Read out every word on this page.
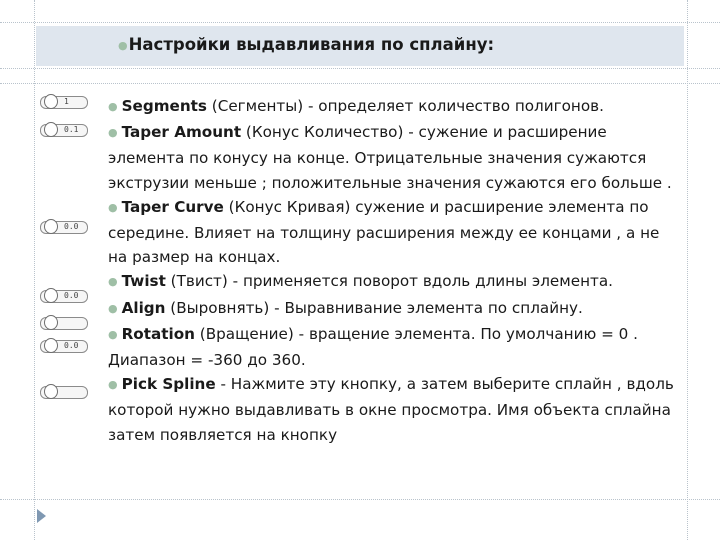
●Настройки выдавливания по сплайну:
1
0.1
0.0
0.0
0.0

● Segments (Сегменты) - определяет количество полигонов.

● Taper Amount (Конус Количество) - сужение и расширение элемента по конусу на конце. Отрицательные значения сужаются экструзии меньше ; положительные значения сужаются его больше .

● Taper Curve (Конус Кривая) сужение и расширение элемента по середине. Влияет на толщину расширения между ее концами , а не на размер на концах.

● Twist (Твист) - применяется поворот вдоль длины элемента.

● Align (Выровнять) - Выравнивание элемента по сплайну.

● Rotation (Вращение) - вращение элемента. По умолчанию = 0 . Диапазон = -360 до 360.

● Pick Spline - Нажмите эту кнопку, а затем выберите сплайн , вдоль которой нужно выдавливать в окне просмотра. Имя объекта сплайна затем появляется на кнопку
